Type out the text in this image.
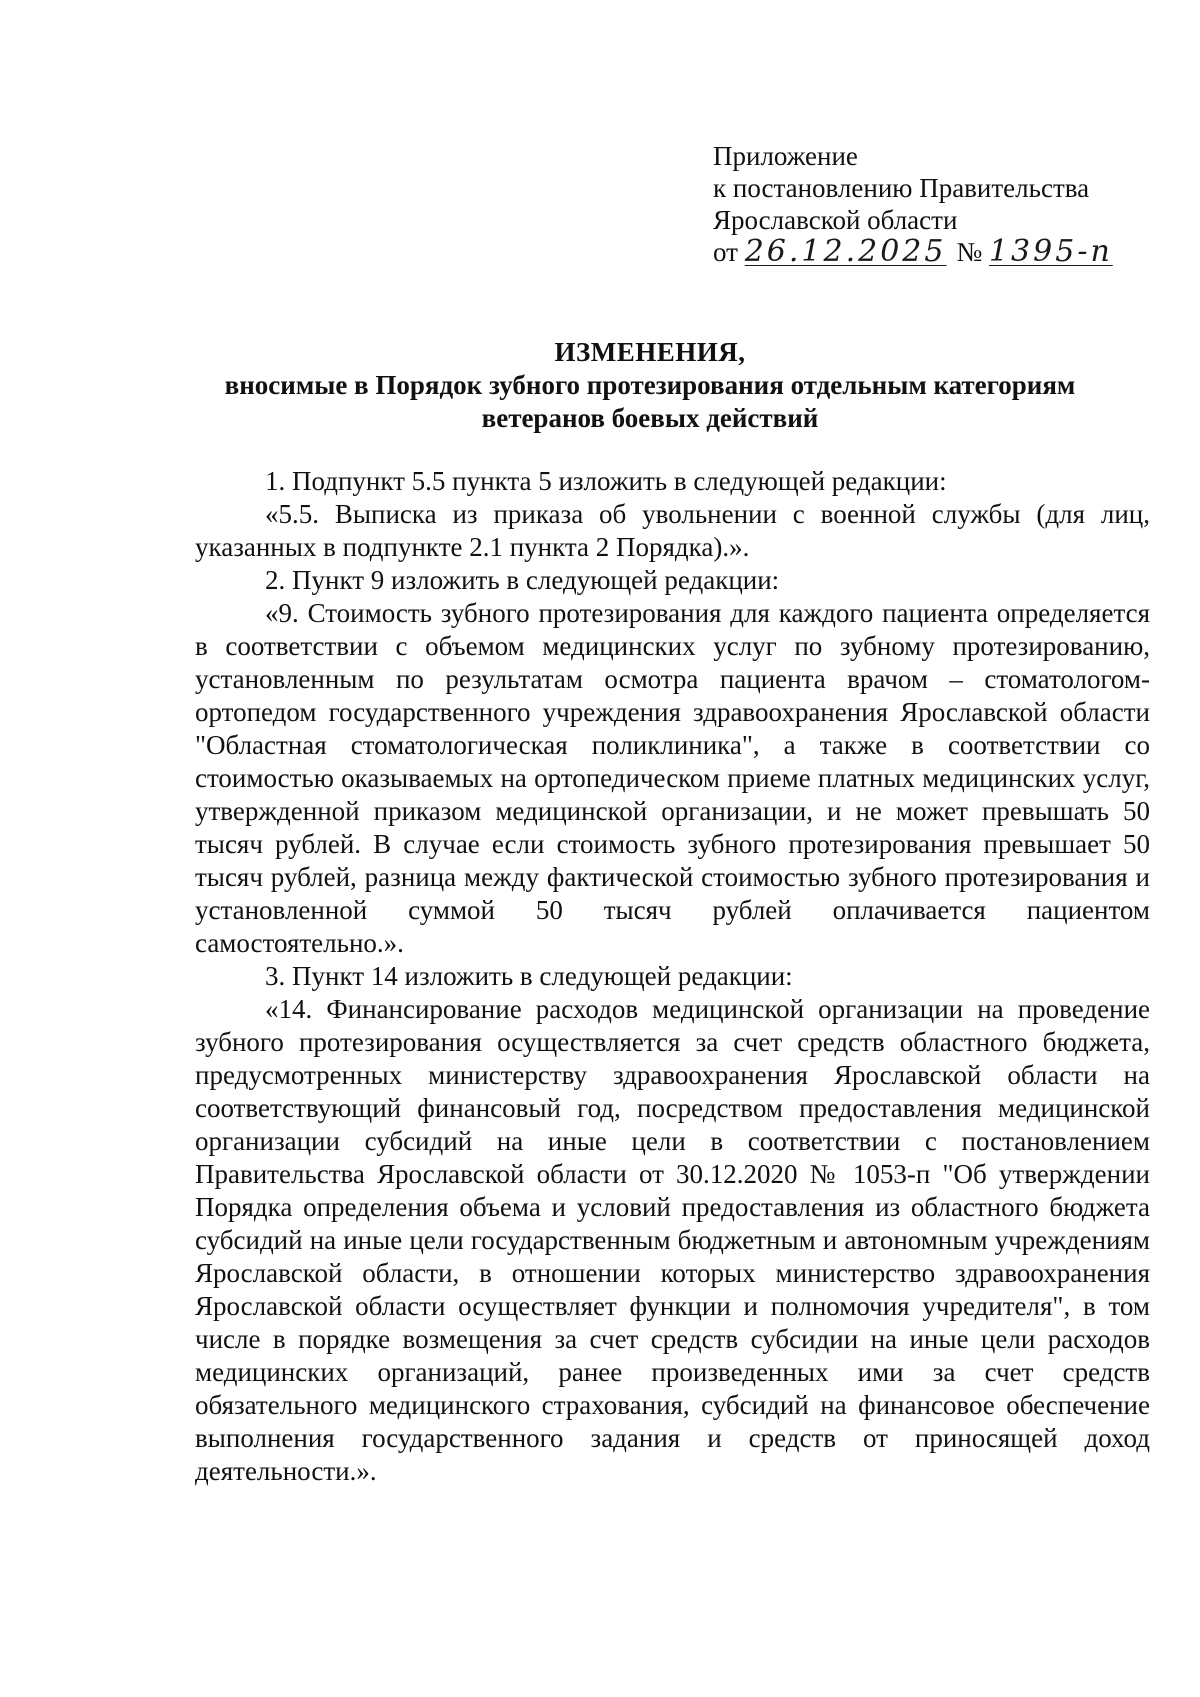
Приложение
к постановлению Правительства
Ярославской области
от 26.12.2025 № 1395-п
ИЗМЕНЕНИЯ,
вносимые в Порядок зубного протезирования отдельным категориям
ветеранов боевых действий

1. Подпункт 5.5 пункта 5 изложить в следующей редакции:

«5.5. Выписка из приказа об увольнении с военной службы (для лиц, указанных в подпункте 2.1 пункта 2 Порядка).».

2. Пункт 9 изложить в следующей редакции:

«9. Стоимость зубного протезирования для каждого пациента определяется в соответствии с объемом медицинских услуг по зубному протезированию, установленным по результатам осмотра пациента врачом – стоматологом-ортопедом государственного учреждения здравоохранения Ярославской области "Областная стоматологическая поликлиника", а также в соответствии со стоимостью оказываемых на ортопедическом приеме платных медицинских услуг, утвержденной приказом медицинской организации, и не может превышать 50 тысяч рублей. В случае если стоимость зубного протезирования превышает 50 тысяч рублей, разница между фактической стоимостью зубного протезирования и установленной суммой 50 тысяч рублей оплачивается пациентом самостоятельно.».

3. Пункт 14 изложить в следующей редакции:

«14. Финансирование расходов медицинской организации на проведение зубного протезирования осуществляется за счет средств областного бюджета, предусмотренных министерству здравоохранения Ярославской области на соответствующий финансовый год, посредством предоставления медицинской организации субсидий на иные цели в соответствии с постановлением Правительства Ярославской области от 30.12.2020 № 1053-п "Об утверждении Порядка определения объема и условий предоставления из областного бюджета субсидий на иные цели государственным бюджетным и автономным учреждениям Ярославской области, в отношении которых министерство здравоохранения Ярославской области осуществляет функции и полномочия учредителя", в том числе в порядке возмещения за счет средств субсидии на иные цели расходов медицинских организаций, ранее произведенных ими за счет средств обязательного медицинского страхования, субсидий на финансовое обеспечение выполнения государственного задания и средств от приносящей доход деятельности.».
